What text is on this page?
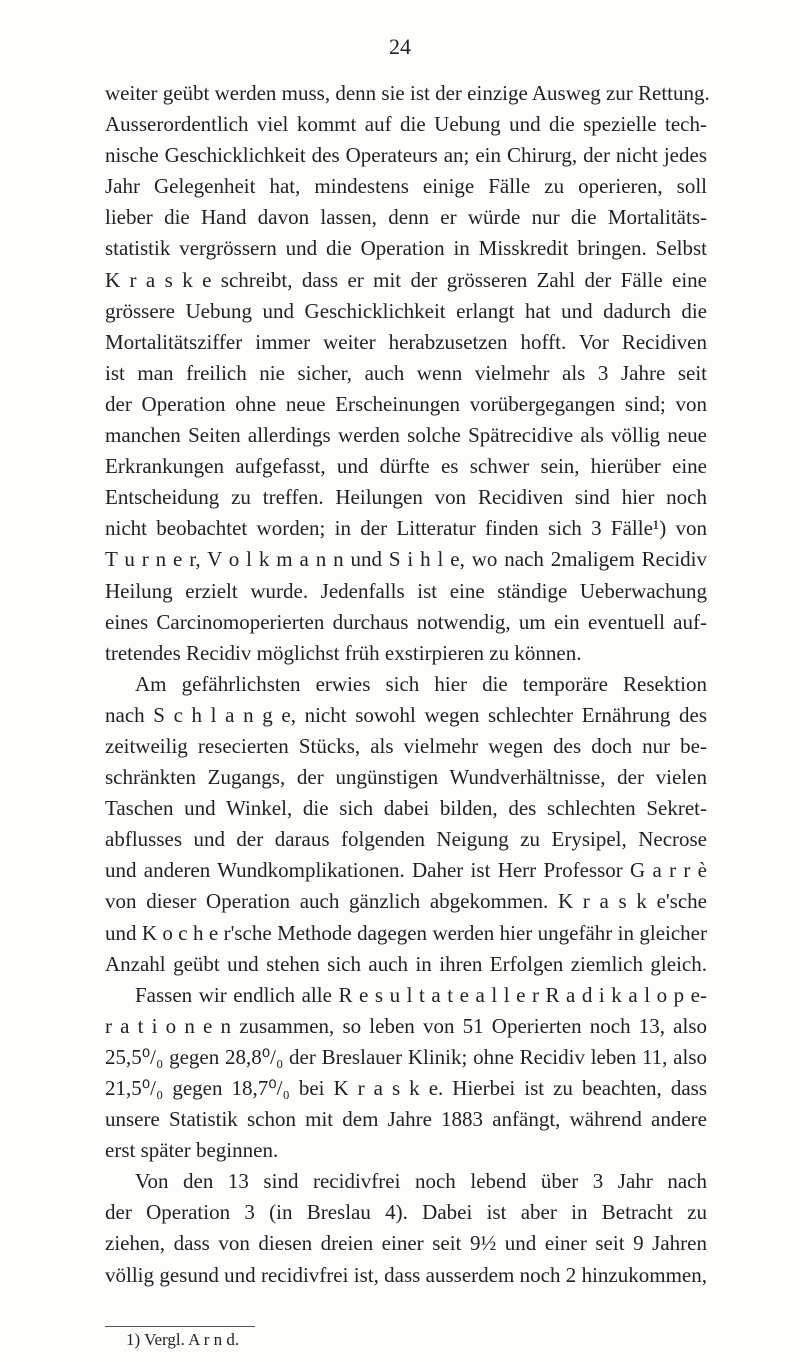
24
weiter geübt werden muss, denn sie ist der einzige Ausweg zur Rettung.
Ausserordentlich viel kommt auf die Uebung und die spezielle tech-
nische Geschicklichkeit des Operateurs an; ein Chirurg, der nicht jedes
Jahr Gelegenheit hat, mindestens einige Fälle zu operieren, soll
lieber die Hand davon lassen, denn er würde nur die Mortalitäts-
statistik vergrössern und die Operation in Misskredit bringen. Selbst
K r a s k e schreibt, dass er mit der grösseren Zahl der Fälle eine
grössere Uebung und Geschicklichkeit erlangt hat und dadurch die
Mortalitätsziffer immer weiter herabzusetzen hofft. Vor Recidiven
ist man freilich nie sicher, auch wenn vielmehr als 3 Jahre seit
der Operation ohne neue Erscheinungen vorübergegangen sind; von
manchen Seiten allerdings werden solche Spätrecidive als völlig neue
Erkrankungen aufgefasst, und dürfte es schwer sein, hierüber eine
Entscheidung zu treffen. Heilungen von Recidiven sind hier noch
nicht beobachtet worden; in der Litteratur finden sich 3 Fälle¹) von
T u r n e r, V o l k m a n n und S i h l e, wo nach 2maligem Recidiv
Heilung erzielt wurde. Jedenfalls ist eine ständige Ueberwachung
eines Carcinomoperierten durchaus notwendig, um ein eventuell auf-
tretendes Recidiv möglichst früh exstirpieren zu können.
Am gefährlichsten erwies sich hier die temporäre Resektion
nach S c h l a n g e, nicht sowohl wegen schlechter Ernährung des
zeitweilig resecierten Stücks, als vielmehr wegen des doch nur be-
schränkten Zugangs, der ungünstigen Wundverhältnisse, der vielen
Taschen und Winkel, die sich dabei bilden, des schlechten Sekret-
abflusses und der daraus folgenden Neigung zu Erysipel, Necrose
und anderen Wundkomplikationen. Daher ist Herr Professor G a r r è
von dieser Operation auch gänzlich abgekommen. K r a s k e'sche
und K o c h e r'sche Methode dagegen werden hier ungefähr in gleicher
Anzahl geübt und stehen sich auch in ihren Erfolgen ziemlich gleich.
Fassen wir endlich alle R e s u l t a t e a l l e r R a d i k a l o p e-
r a t i o n e n zusammen, so leben von 51 Operierten noch 13, also
25,5⁰/₀ gegen 28,8⁰/₀ der Breslauer Klinik; ohne Recidiv leben 11, also
21,5⁰/₀ gegen 18,7⁰/₀ bei K r a s k e. Hierbei ist zu beachten, dass
unsere Statistik schon mit dem Jahre 1883 anfängt, während andere
erst später beginnen.
Von den 13 sind recidivfrei noch lebend über 3 Jahr nach
der Operation 3 (in Breslau 4). Dabei ist aber in Betracht zu
ziehen, dass von diesen dreien einer seit 9½ und einer seit 9 Jahren
völlig gesund und recidivfrei ist, dass ausserdem noch 2 hinzukommen,
1) Vergl. A r n d.
